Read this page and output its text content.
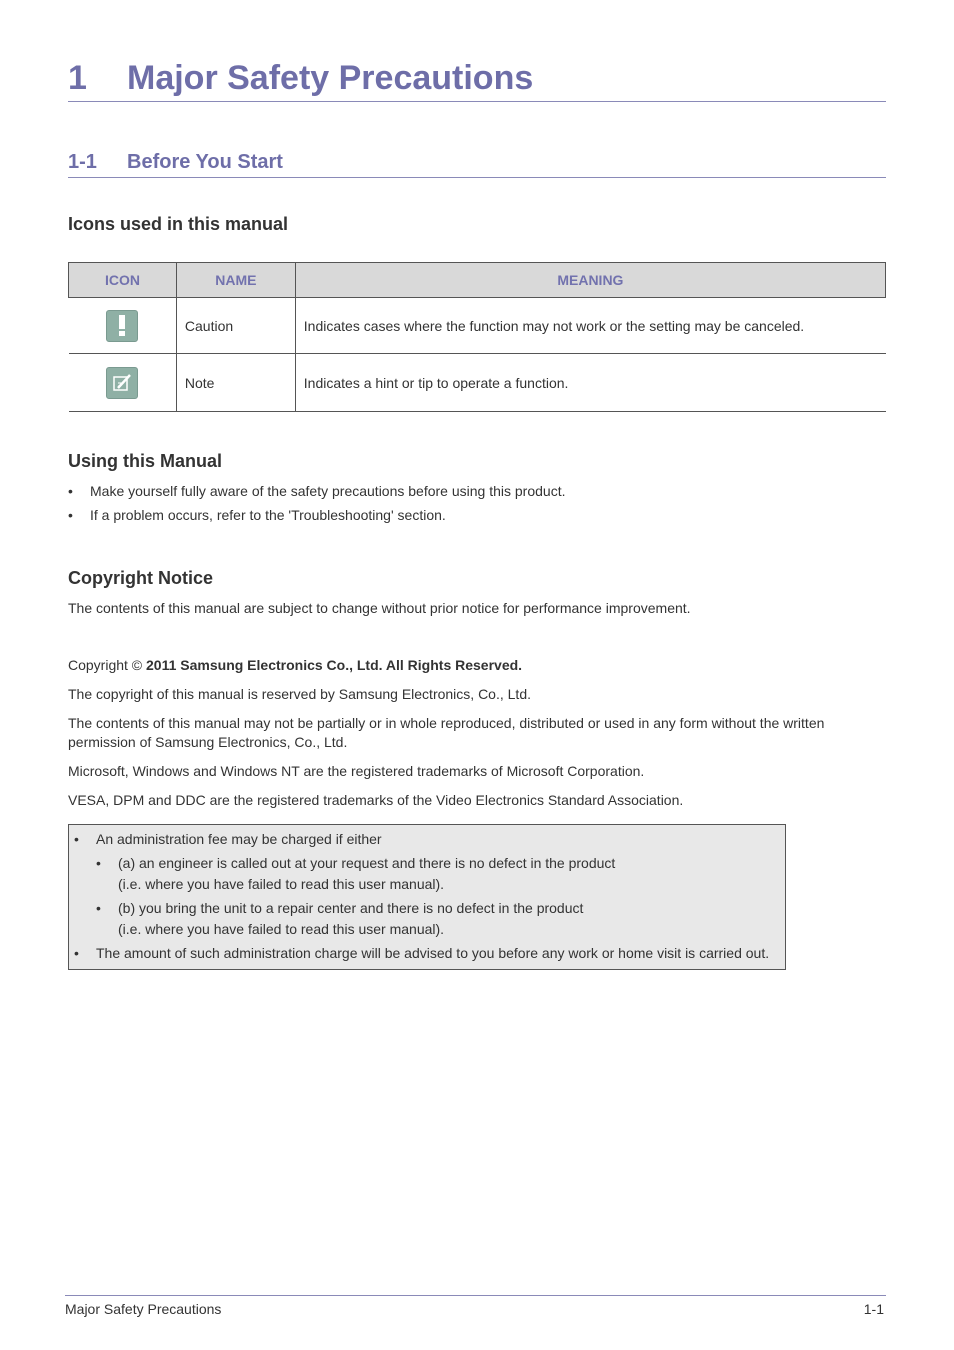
1 Major Safety Precautions
1-1 Before You Start
Icons used in this manual
ICON	NAME	MEANING

	Caution	Indicates cases where the function may not work or the setting may be canceled.

	Note	Indicates a hint or tip to operate a function.
Using this Manual
• Make yourself fully aware of the safety precautions before using this product.
• If a problem occurs, refer to the 'Troubleshooting' section.
Copyright Notice
The contents of this manual are subject to change without prior notice for performance improvement.
Copyright © 2011 Samsung Electronics Co., Ltd. All Rights Reserved.
The copyright of this manual is reserved by Samsung Electronics, Co., Ltd.
The contents of this manual may not be partially or in whole reproduced, distributed or used in any form without the written
permission of Samsung Electronics, Co., Ltd.
Microsoft, Windows and Windows NT are the registered trademarks of Microsoft Corporation.
VESA, DPM and DDC are the registered trademarks of the Video Electronics Standard Association.
• An administration fee may be charged if either
• (a) an engineer is called out at your request and there is no defect in the product
(i.e. where you have failed to read this user manual).
• (b) you bring the unit to a repair center and there is no defect in the product
(i.e. where you have failed to read this user manual).
• The amount of such administration charge will be advised to you before any work or home visit is carried out.
Major Safety Precautions	1-1
